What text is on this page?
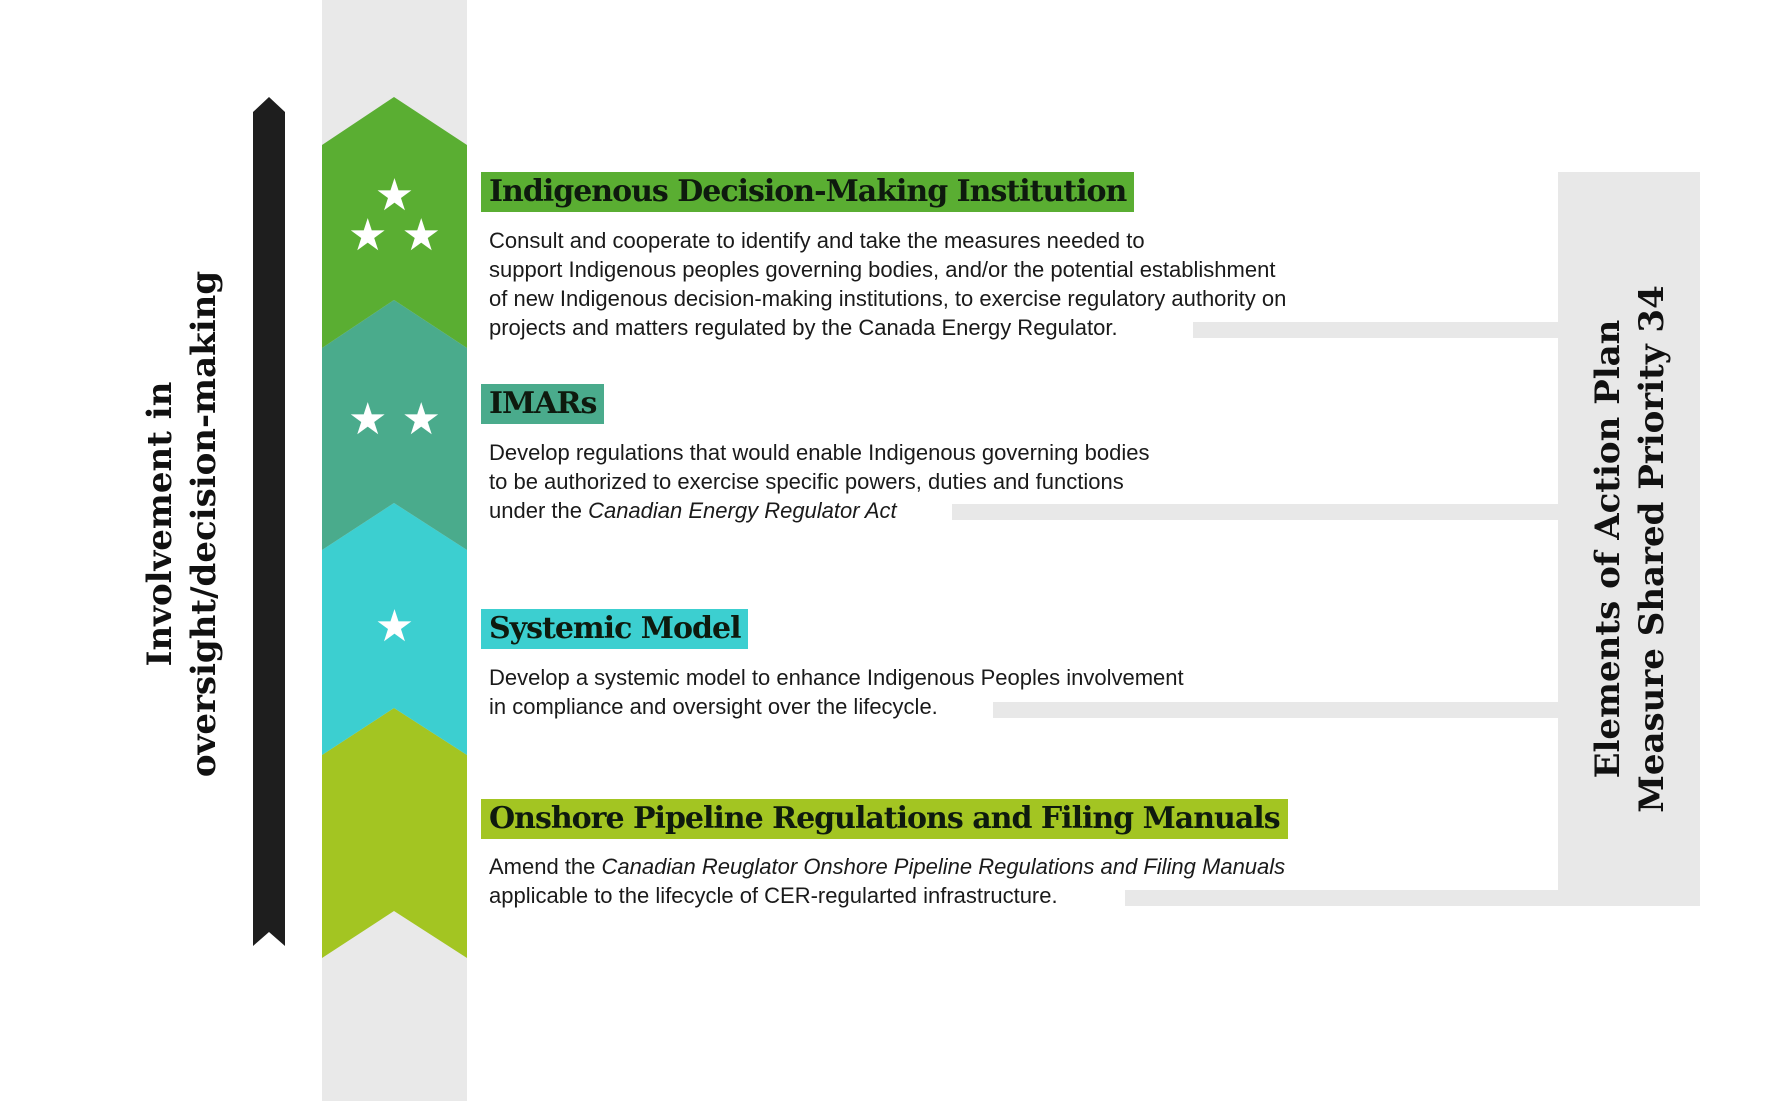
Involvement in oversight/decision-making
★
★ ★
★ ★
★	Elements of Action Plan Measure Shared Priority 34
Indigenous Decision-Making Institution
Consult and cooperate to identify and take the measures needed to
support Indigenous peoples governing bodies, and/or the potential establishment
of new Indigenous decision-making institutions, to exercise regulatory authority on
projects and matters regulated by the Canada Energy Regulator.
IMARs
Develop regulations that would enable Indigenous governing bodies
to be authorized to exercise specific powers, duties and functions
under the Canadian Energy Regulator Act
Systemic Model
Develop a systemic model to enhance Indigenous Peoples involvement
in compliance and oversight over the lifecycle.
Onshore Pipeline Regulations and Filing Manuals
Amend the Canadian Reuglator Onshore Pipeline Regulations and Filing Manuals
applicable to the lifecycle of CER-regularted infrastructure.
